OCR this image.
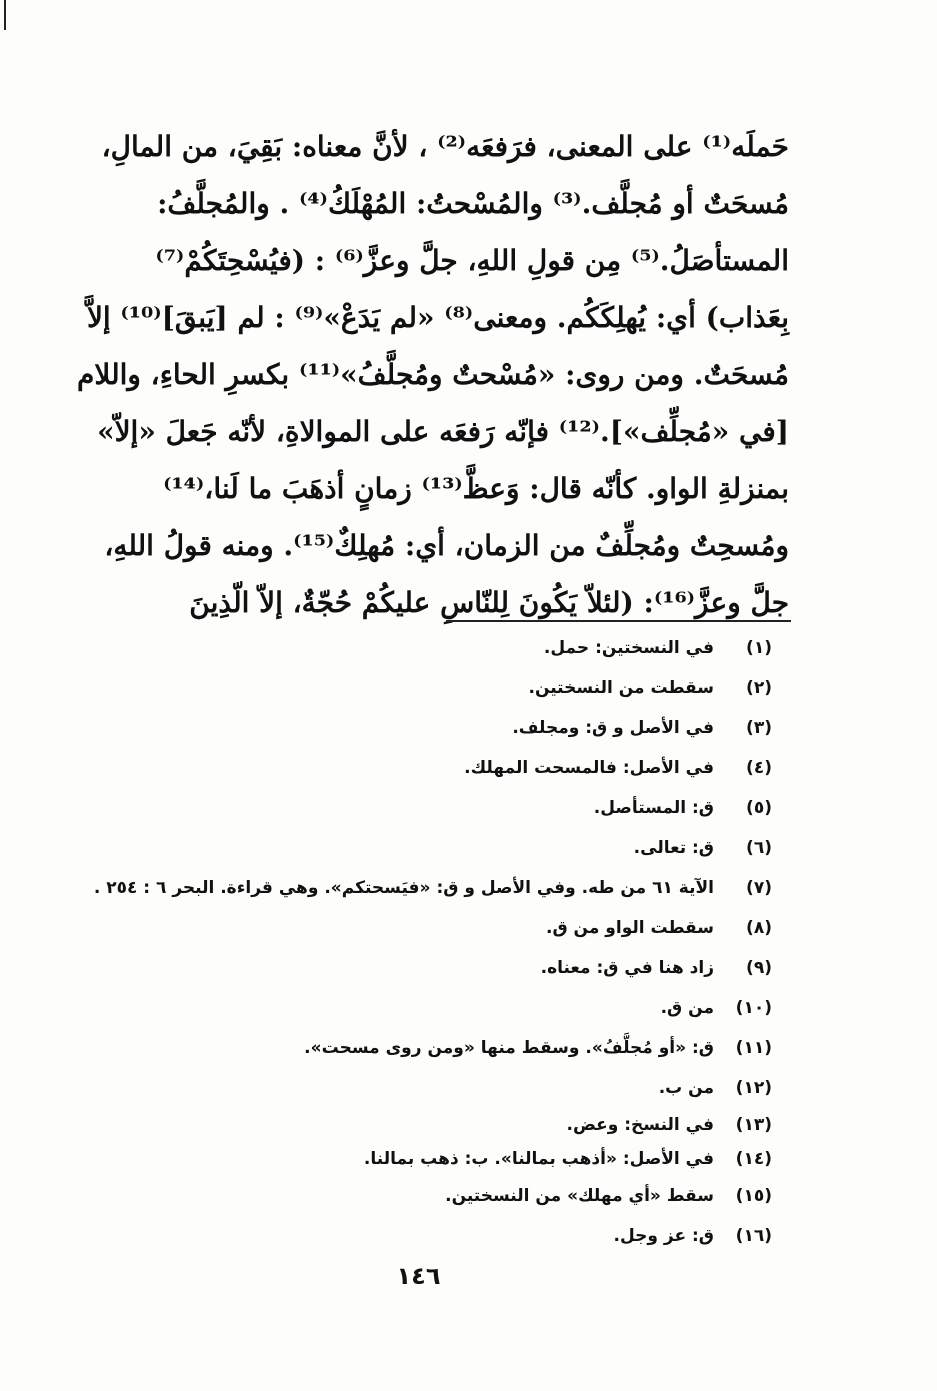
حَملَه⁽¹⁾ على المعنى، فرَفعَه⁽²⁾ ، لأنَّ معناه: بَقِيَ، من المالِ،
مُسحَتٌ أو مُجلَّف.⁽³⁾ والمُسْحتُ: المُهْلَكُ⁽⁴⁾ . والمُجلَّفُ:
المستأصَلُ.⁽⁵⁾ مِن قولِ اللهِ، جلَّ وعزَّ⁽⁶⁾ : (فيُسْحِتَكُمْ⁽⁷⁾
بِعَذاب) أي: يُهلِكَكُم. ومعنى⁽⁸⁾ «لم يَدَعْ»⁽⁹⁾ : لم [يَبقَ]⁽¹⁰⁾ إلاَّ
مُسحَتٌ. ومن روى: «مُسْحتٌ ومُجلَّفُ»⁽¹¹⁾ بكسرِ الحاءِ، واللام
[في «مُجلِّف»].⁽¹²⁾ فإنّه رَفعَه على الموالاةِ، لأنّه جَعلَ «إلاّ»
بمنزلةِ الواو. كأنّه قال: وَعظَّ⁽¹³⁾ زمانٍ أذهَبَ ما لَنا،⁽¹⁴⁾
ومُسحِتٌ ومُجلِّفٌ من الزمان، أي: مُهلِكٌ⁽¹⁵⁾. ومنه قولُ اللهِ،
جلَّ وعزَّ⁽¹⁶⁾: (لئلاّ يَكُونَ لِلنّاسِ عليكُمْ حُجّةٌ، إلاّ الّذِينَ
(١)
في النسختين: حمل.
(٢)
سقطت من النسختين.
(٣)
في الأصل و ق: ومجلف.
(٤)
في الأصل: فالمسحت المهلك.
(٥)
ق: المستأصل.
(٦)
ق: تعالى.
(٧)
الآية ٦١ من طه. وفي الأصل و ق: «فيَسحتكم». وهي قراءة. البحر ٦ : ٢٥٤ .
(٨)
سقطت الواو من ق.
(٩)
زاد هنا في ق: معناه.
(١٠)
من ق.
(١١)
ق: «أو مُجلَّفُ». وسقط منها «ومن روى مسحت».
(١٢)
من ب.
(١٣)
في النسخ: وعض.
(١٤)
في الأصل: «أذهب بمالنا». ب: ذهب بمالنا.
(١٥)
سقط «أي مهلك» من النسختين.
(١٦)
ق: عز وجل.
١٤٦
